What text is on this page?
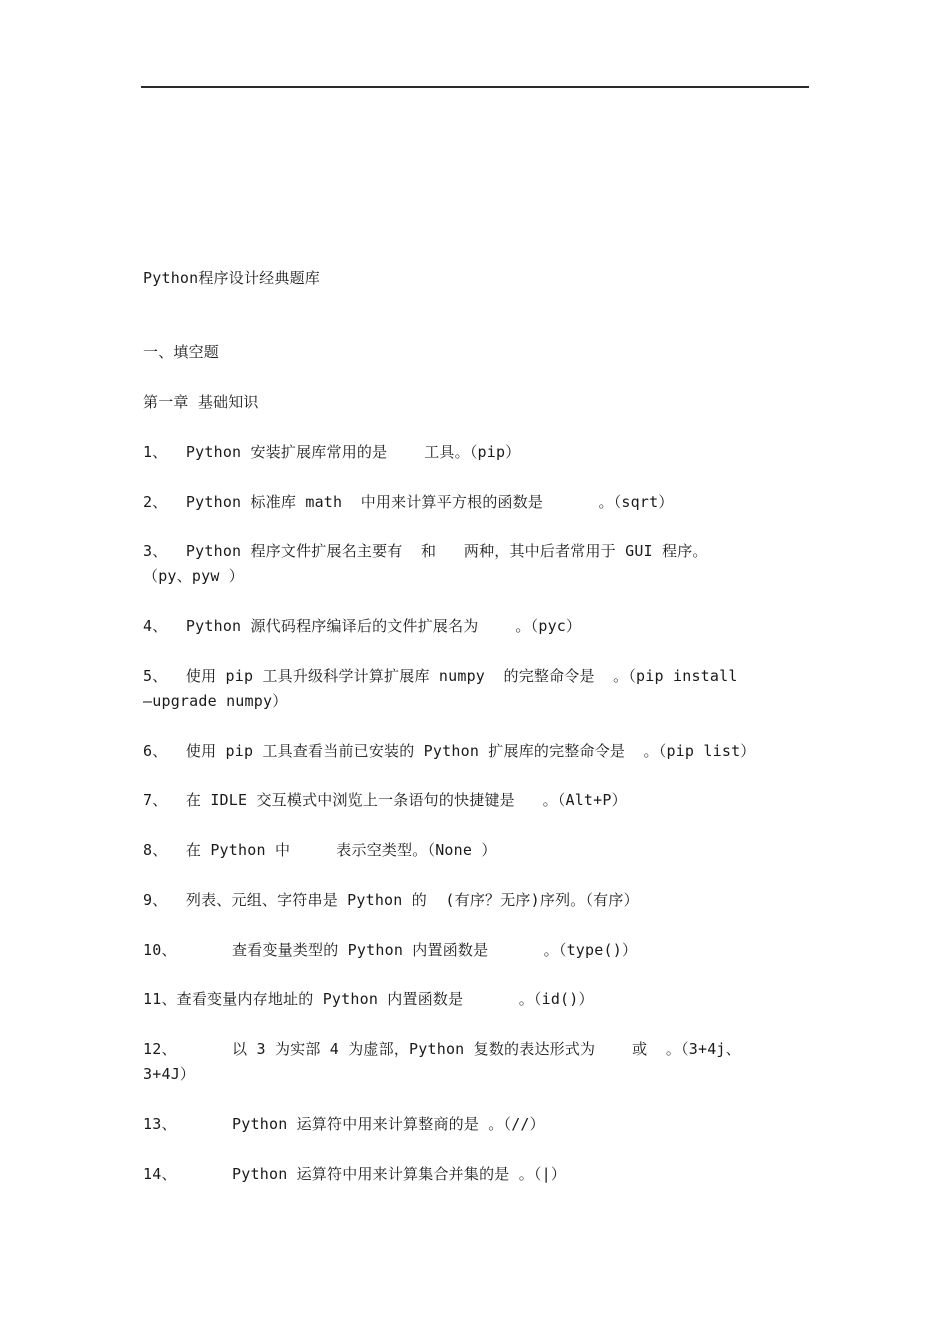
Python程序设计经典题库
一、填空题
第一章 基础知识
1、  Python 安装扩展库常用的是    工具。（pip）
2、  Python 标准库 math  中用来计算平方根的函数是      。（sqrt）
3、  Python 程序文件扩展名主要有  和   两种，其中后者常用于 GUI 程序。
（py、pyw ）
4、  Python 源代码程序编译后的文件扩展名为    。（pyc）
5、  使用 pip 工具升级科学计算扩展库 numpy  的完整命令是  。（pip install
–upgrade numpy）
6、  使用 pip 工具查看当前已安装的 Python 扩展库的完整命令是  。（pip list）
7、  在 IDLE 交互模式中浏览上一条语句的快捷键是   。（Alt+P）
8、  在 Python 中     表示空类型。（None ）
9、  列表、元组、字符串是 Python 的  (有序？无序)序列。（有序）
10、      查看变量类型的 Python 内置函数是      。（type()）
11、查看变量内存地址的 Python 内置函数是      。（id()）
12、      以 3 为实部 4 为虚部，Python 复数的表达形式为    或  。（3+4j、
3+4J）
13、      Python 运算符中用来计算整商的是 。（//）
14、      Python 运算符中用来计算集合并集的是 。（|）
